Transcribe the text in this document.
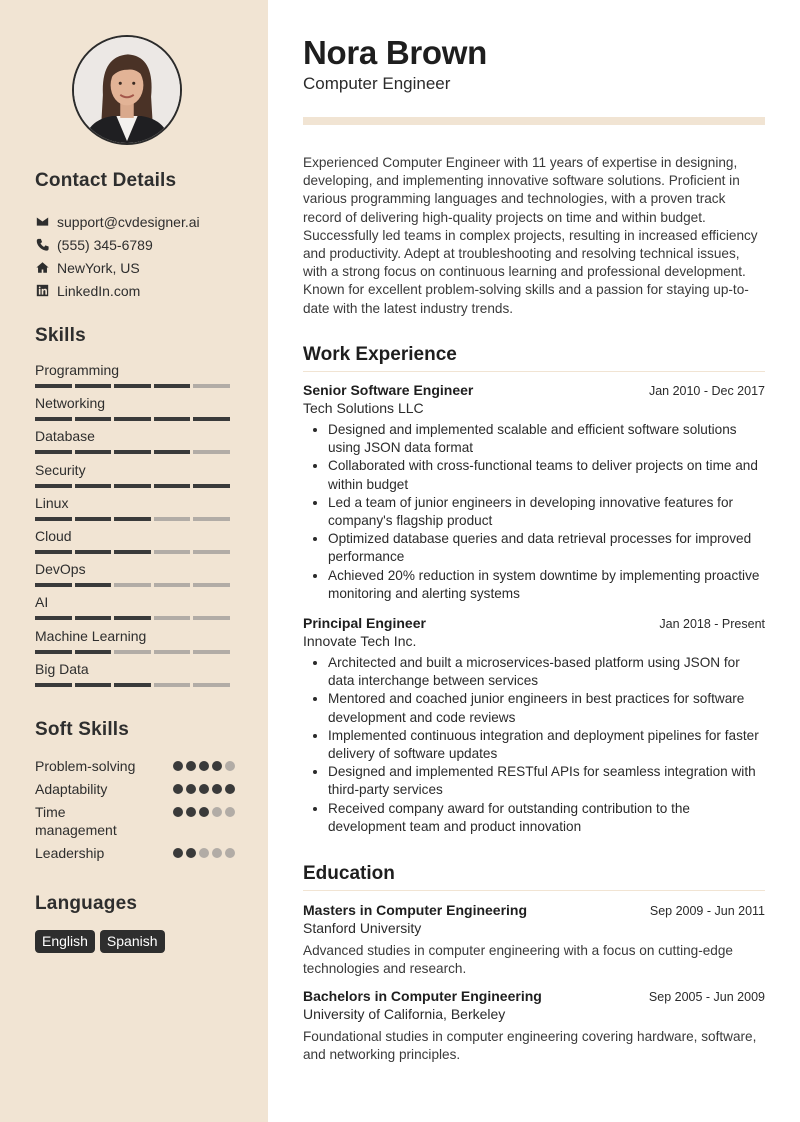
Contact Details
support@cvdesigner.ai
(555) 345-6789
NewYork, US
LinkedIn.com
Skills
Programming
Networking
Database
Security
Linux
Cloud
DevOps
AI
Machine Learning
Big Data
Soft Skills
Problem-solving
Adaptability
Time management
Leadership
Languages
English	Spanish
Nora Brown
Computer Engineer
Experienced Computer Engineer with 11 years of expertise in designing, developing, and implementing innovative software solutions. Proficient in various programming languages and technologies, with a proven track record of delivering high-quality projects on time and within budget. Successfully led teams in complex projects, resulting in increased efficiency and productivity. Adept at troubleshooting and resolving technical issues, with a strong focus on continuous learning and professional development. Known for excellent problem-solving skills and a passion for staying up-to-date with the latest industry trends.
Work Experience
Senior Software Engineer	Jan 2010 - Dec 2017
Tech Solutions LLC
• Designed and implemented scalable and efficient software solutions using JSON data format
• Collaborated with cross-functional teams to deliver projects on time and within budget
• Led a team of junior engineers in developing innovative features for company's flagship product
• Optimized database queries and data retrieval processes for improved performance
• Achieved 20% reduction in system downtime by implementing proactive monitoring and alerting systems
Principal Engineer	Jan 2018 - Present
Innovate Tech Inc.
• Architected and built a microservices-based platform using JSON for data interchange between services
• Mentored and coached junior engineers in best practices for software development and code reviews
• Implemented continuous integration and deployment pipelines for faster delivery of software updates
• Designed and implemented RESTful APIs for seamless integration with third-party services
• Received company award for outstanding contribution to the development team and product innovation
Education
Masters in Computer Engineering	Sep 2009 - Jun 2011
Stanford University
Advanced studies in computer engineering with a focus on cutting-edge technologies and research.
Bachelors in Computer Engineering	Sep 2005 - Jun 2009
University of California, Berkeley
Foundational studies in computer engineering covering hardware, software, and networking principles.
